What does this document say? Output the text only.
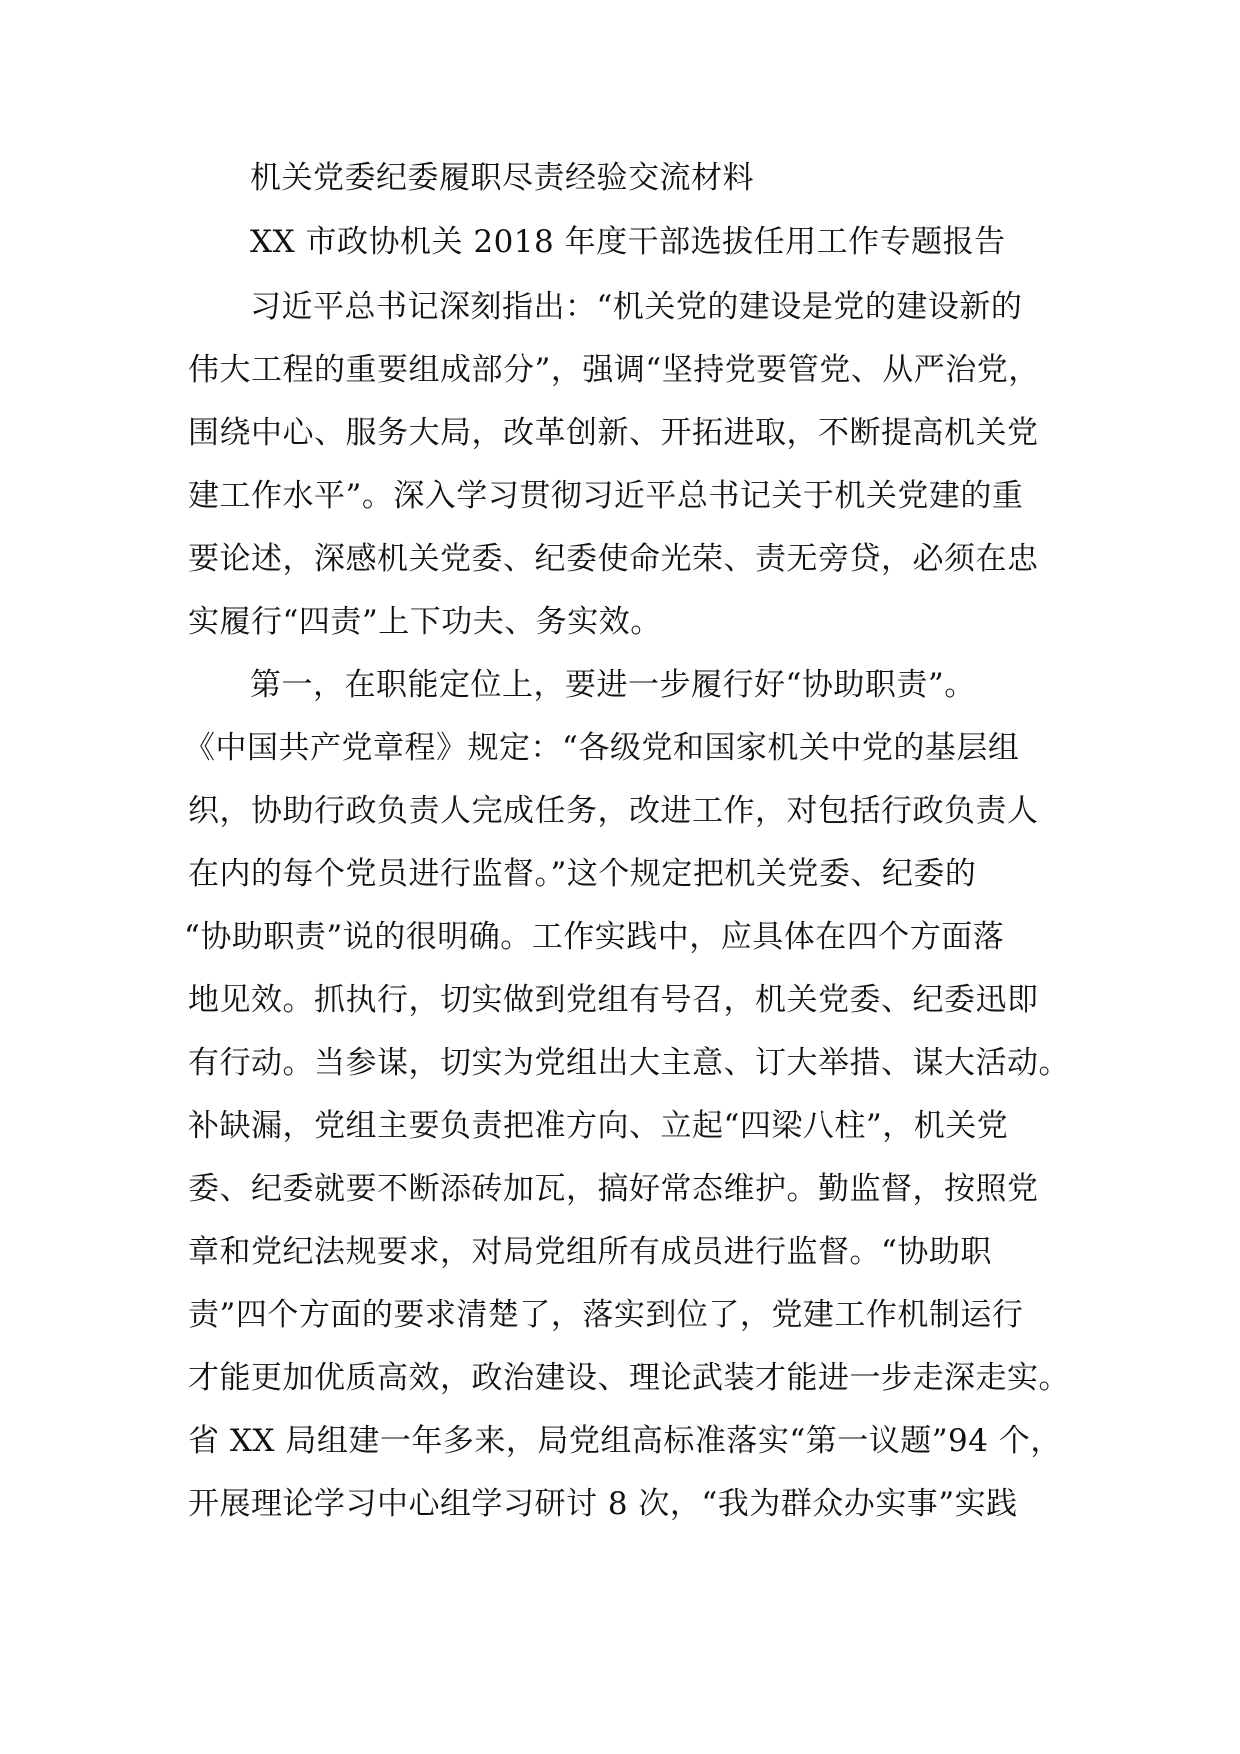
机关党委纪委履职尽责经验交流材料
XX 市政协机关 2018 年度干部选拔任用工作专题报告
习近平总书记深刻指出：“机关党的建设是党的建设新的
伟大工程的重要组成部分”，强调“坚持党要管党、从严治党，
围绕中心、服务大局，改革创新、开拓进取，不断提高机关党
建工作水平”。深入学习贯彻习近平总书记关于机关党建的重
要论述，深感机关党委、纪委使命光荣、责无旁贷，必须在忠
实履行“四责”上下功夫、务实效。
第一，在职能定位上，要进一步履行好“协助职责”。
《中国共产党章程》规定：“各级党和国家机关中党的基层组
织，协助行政负责人完成任务，改进工作，对包括行政负责人
在内的每个党员进行监督。”这个规定把机关党委、纪委的
“协助职责”说的很明确。工作实践中，应具体在四个方面落
地见效。抓执行，切实做到党组有号召，机关党委、纪委迅即
有行动。当参谋，切实为党组出大主意、订大举措、谋大活动。
补缺漏，党组主要负责把准方向、立起“四梁八柱”，机关党
委、纪委就要不断添砖加瓦，搞好常态维护。勤监督，按照党
章和党纪法规要求，对局党组所有成员进行监督。“协助职
责”四个方面的要求清楚了，落实到位了，党建工作机制运行
才能更加优质高效，政治建设、理论武装才能进一步走深走实。
省 XX 局组建一年多来，局党组高标准落实“第一议题”94 个，
开展理论学习中心组学习研讨 8 次，“我为群众办实事”实践
